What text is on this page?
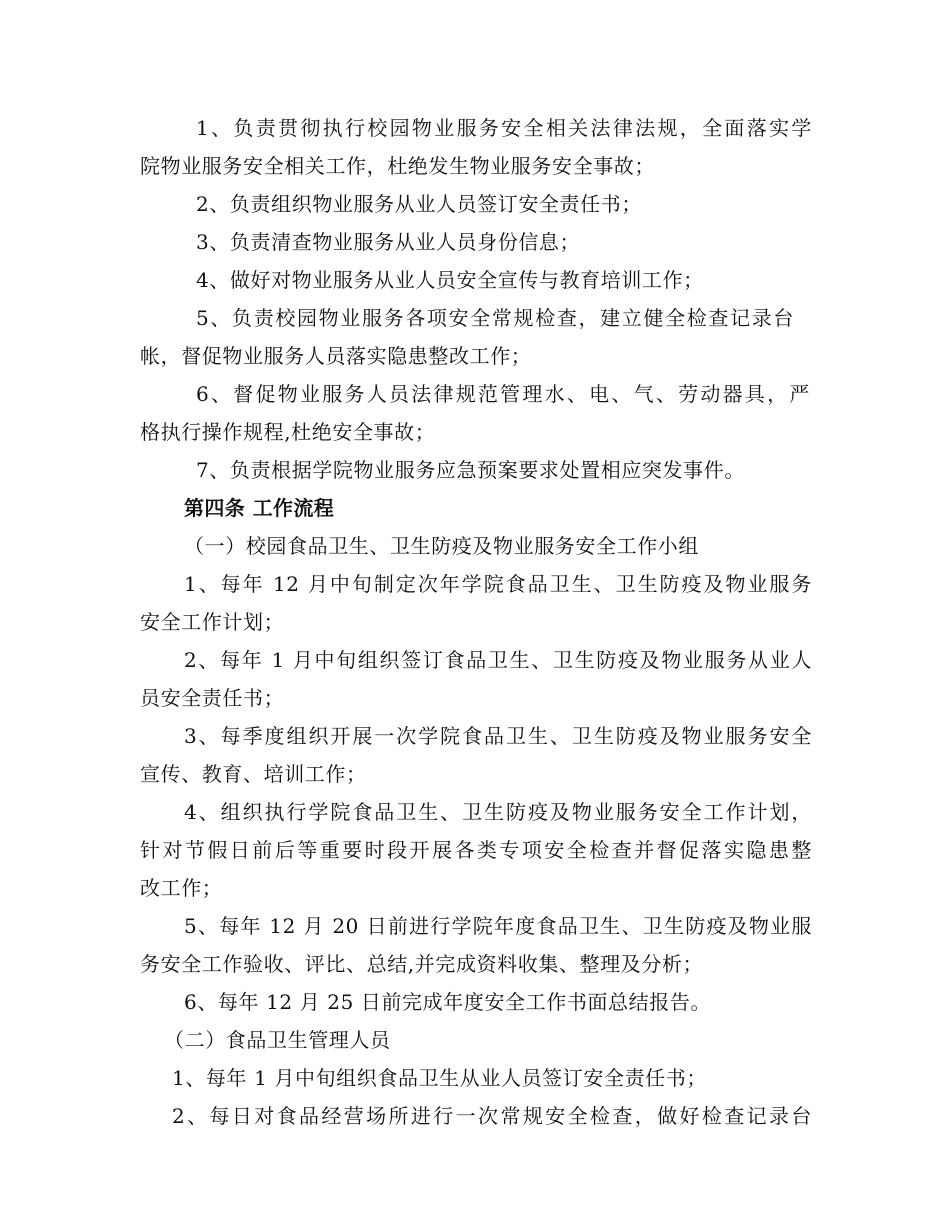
1、负责贯彻执行校园物业服务安全相关法律法规，全面落实学
院物业服务安全相关工作，杜绝发生物业服务安全事故；
2、负责组织物业服务从业人员签订安全责任书；
3、负责清查物业服务从业人员身份信息；
4、做好对物业服务从业人员安全宣传与教育培训工作；
5、负责校园物业服务各项安全常规检查，建立健全检查记录台
帐，督促物业服务人员落实隐患整改工作；
6、督促物业服务人员法律规范管理水、电、气、劳动器具，严
格执行操作规程,杜绝安全事故；
7、负责根据学院物业服务应急预案要求处置相应突发事件。
第四条 工作流程
（一）校园食品卫生、卫生防疫及物业服务安全工作小组
1、每年 12 月中旬制定次年学院食品卫生、卫生防疫及物业服务
安全工作计划；
2、每年 1 月中旬组织签订食品卫生、卫生防疫及物业服务从业人
员安全责任书；
3、每季度组织开展一次学院食品卫生、卫生防疫及物业服务安全
宣传、教育、培训工作；
4、组织执行学院食品卫生、卫生防疫及物业服务安全工作计划，
针对节假日前后等重要时段开展各类专项安全检查并督促落实隐患整
改工作；
5、每年 12 月 20 日前进行学院年度食品卫生、卫生防疫及物业服
务安全工作验收、评比、总结,并完成资料收集、整理及分析；
6、每年 12 月 25 日前完成年度安全工作书面总结报告。
（二）食品卫生管理人员
1、每年 1 月中旬组织食品卫生从业人员签订安全责任书；
2、每日对食品经营场所进行一次常规安全检查，做好检查记录台
